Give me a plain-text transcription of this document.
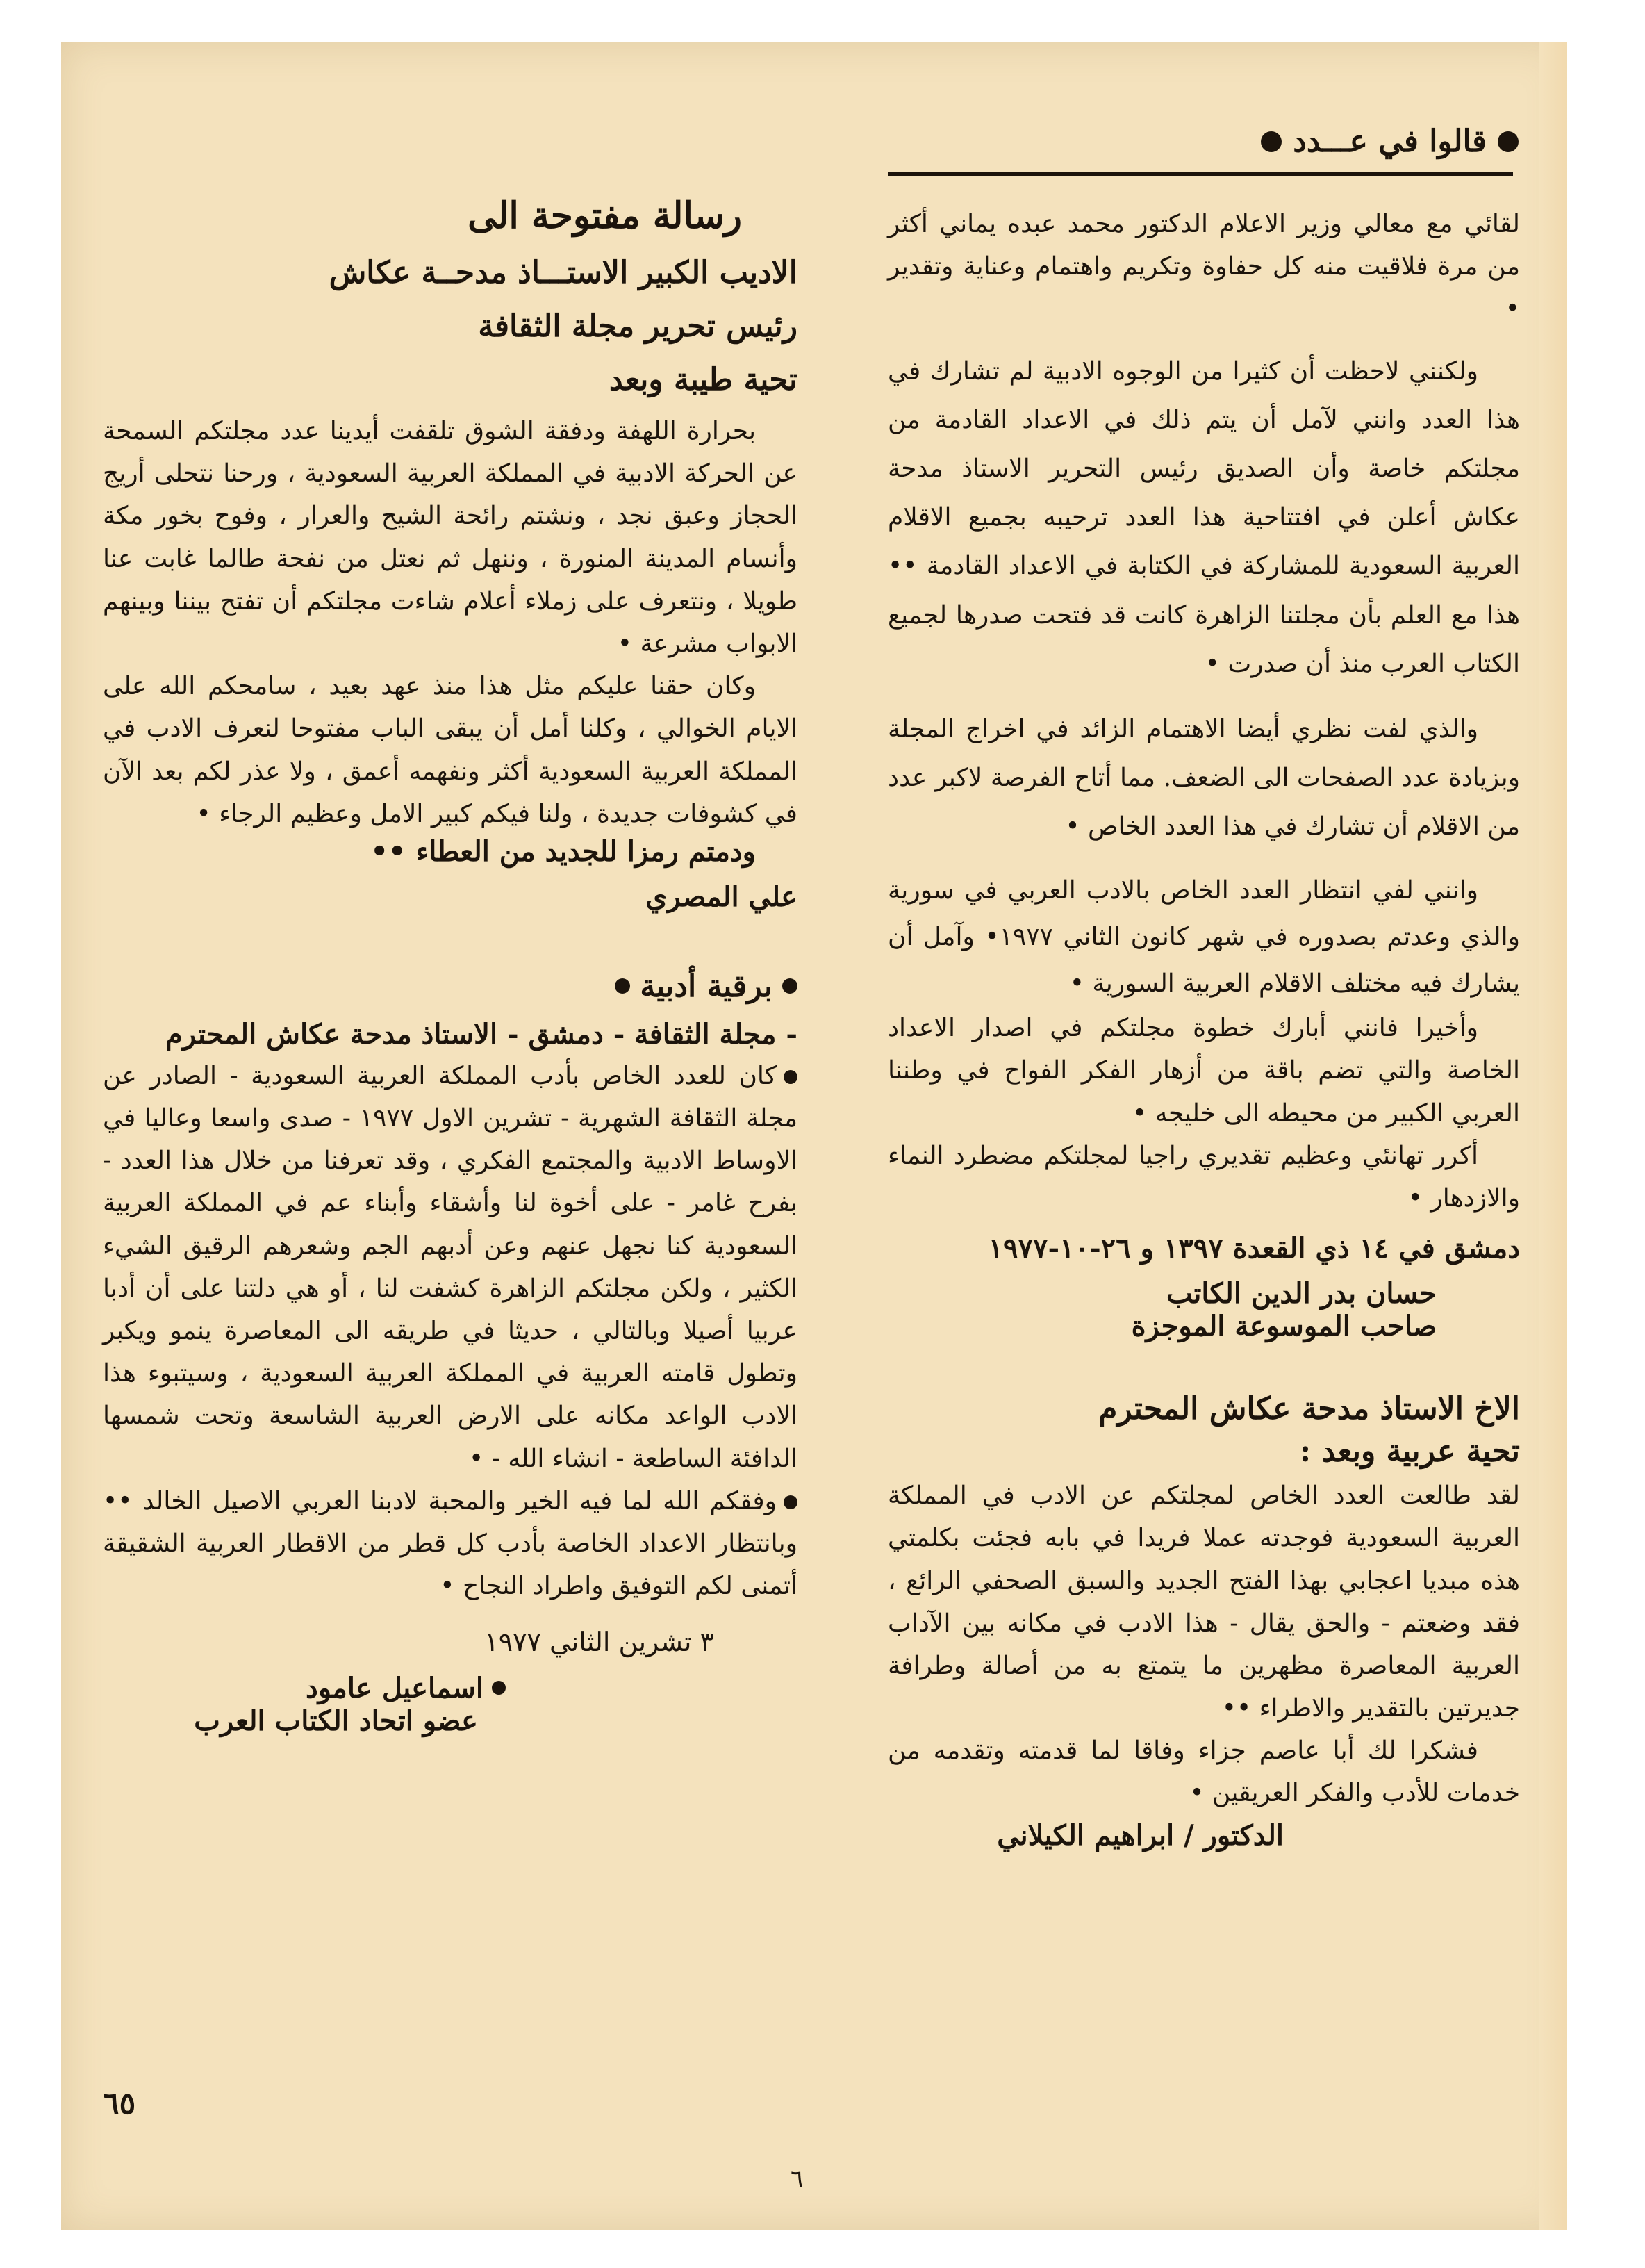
قالوا في عـــدد

لقائي مع معالي وزير الاعلام الدكتور محمد عبده يماني أكثر من مرة فلاقيت منه كل حفاوة وتكريم واهتمام وعناية وتقدير •

ولكنني لاحظت أن كثيرا من الوجوه الادبية لم تشارك في هذا العدد وانني لآمل أن يتم ذلك في الاعداد القادمة من مجلتكم خاصة وأن الصديق رئيس التحرير الاستاذ مدحة عكاش أعلن في افتتاحية هذا العدد ترحيبه بجميع الاقلام العربية السعودية للمشاركة في الكتابة في الاعداد القادمة •• هذا مع العلم بأن مجلتنا الزاهرة كانت قد فتحت صدرها لجميع الكتاب العرب منذ أن صدرت •

والذي لفت نظري أيضا الاهتمام الزائد في اخراج المجلة وبزيادة عدد الصفحات الى الضعف. مما أتاح الفرصة لاكبر عدد من الاقلام أن تشارك في هذا العدد الخاص •

وانني لفي انتظار العدد الخاص بالادب العربي في سورية والذي وعدتم بصدوره في شهر كانون الثاني ١٩٧٧• وآمل أن يشارك فيه مختلف الاقلام العربية السورية •

وأخيرا فانني أبارك خطوة مجلتكم في اصدار الاعداد الخاصة والتي تضم باقة من أزهار الفكر الفواح في وطننا العربي الكبير من محيطه الى خليجه •

أكرر تهانئي وعظيم تقديري راجيا لمجلتكم مضطرد النماء والازدهار •

دمشق في ١٤ ذي القعدة ١٣٩٧ و ٢٦-١٠-١٩٧٧

حسان بدر الدين الكاتب

صاحب الموسوعة الموجزة

الاخ الاستاذ مدحة عكاش المحترم

تحية عربية وبعد :

لقد طالعت العدد الخاص لمجلتكم عن الادب في المملكة العربية السعودية فوجدته عملا فريدا في بابه فجئت بكلمتي هذه مبديا اعجابي بهذا الفتح الجديد والسبق الصحفي الرائع ، فقد وضعتم - والحق يقال - هذا الادب في مكانه بين الآداب العربية المعاصرة مظهرين ما يتمتع به من أصالة وطرافة جديرتين بالتقدير والاطراء ••

فشكرا لك أبا عاصم جزاء وفاقا لما قدمته وتقدمه من خدمات للأدب والفكر العريقين •

الدكتور / ابراهيم الكيلاني

رسالة مفتوحة الى

الاديب الكبير الاستـــاذ مدحــة عكاش

رئيس تحرير مجلة الثقافة

تحية طيبة وبعد

بحرارة اللهفة ودفقة الشوق تلقفت أيدينا عدد مجلتكم السمحة عن الحركة الادبية في المملكة العربية السعودية ، ورحنا نتحلى أريج الحجاز وعبق نجد ، ونشتم رائحة الشيح والعرار ، وفوح بخور مكة وأنسام المدينة المنورة ، وننهل ثم نعتل من نفحة طالما غابت عنا طويلا ، ونتعرف على زملاء أعلام شاءت مجلتكم أن تفتح بيننا وبينهم الابواب مشرعة •

وكان حقنا عليكم مثل هذا منذ عهد بعيد ، سامحكم الله على الايام الخوالي ، وكلنا أمل أن يبقى الباب مفتوحا لنعرف الادب في المملكة العربية السعودية أكثر ونفهمه أعمق ، ولا عذر لكم بعد الآن في كشوفات جديدة ، ولنا فيكم كبير الامل وعظيم الرجاء •

ودمتم رمزا للجديد من العطاء ••

علي المصري

برقية أدبية

- مجلة الثقافة - دمشق - الاستاذ مدحة عكاش المحترم

كان للعدد الخاص بأدب المملكة العربية السعودية - الصادر عن مجلة الثقافة الشهرية - تشرين الاول ١٩٧٧ - صدى واسعا وعاليا في الاوساط الادبية والمجتمع الفكري ، وقد تعرفنا من خلال هذا العدد - بفرح غامر - على أخوة لنا وأشقاء وأبناء عم في المملكة العربية السعودية كنا نجهل عنهم وعن أدبهم الجم وشعرهم الرقيق الشيء الكثير ، ولكن مجلتكم الزاهرة كشفت لنا ، أو هي دلتنا على أن أدبا عربيا أصيلا وبالتالي ، حديثا في طريقه الى المعاصرة ينمو ويكبر وتطول قامته العربية في المملكة العربية السعودية ، وسيتبوء هذا الادب الواعد مكانه على الارض العربية الشاسعة وتحت شمسها الدافئة الساطعة - انشاء الله - •

وفقكم الله لما فيه الخير والمحبة لادبنا العربي الاصيل الخالد •• وبانتظار الاعداد الخاصة بأدب كل قطر من الاقطار العربية الشقيقة أتمنى لكم التوفيق واطراد النجاح •

٣ تشرين الثاني ١٩٧٧

اسماعيل عامود

عضو اتحاد الكتاب العرب

٦٥
٦
